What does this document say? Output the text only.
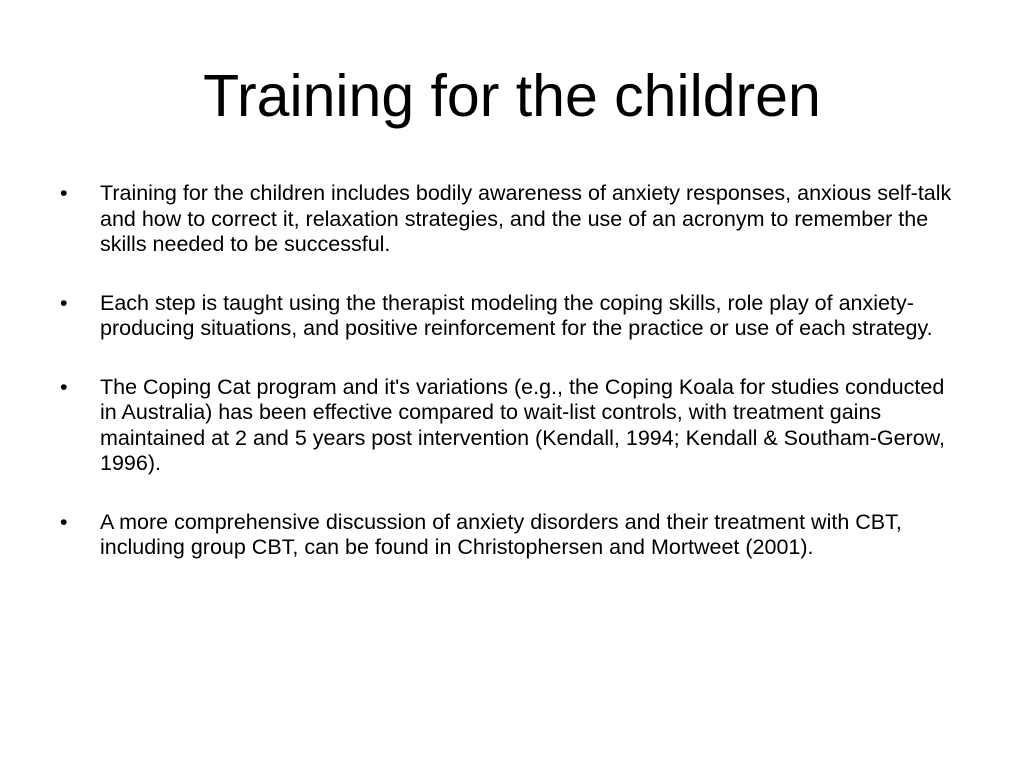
Training for the children
•	Training for the children includes bodily awareness of anxiety responses, anxious self-talk and how to correct it, relaxation strategies, and the use of an acronym to remember the skills needed to be successful.
•	Each step is taught using the therapist modeling the coping skills, role play of anxiety-producing situations, and positive reinforcement for the practice or use of each strategy.
•	The Coping Cat program and it's variations (e.g., the Coping Koala for studies conducted in Australia) has been effective compared to wait-list controls, with treatment gains maintained at 2 and 5 years post intervention (Kendall, 1994; Kendall & Southam-Gerow, 1996).
•	A more comprehensive discussion of anxiety disorders and their treatment with CBT, including group CBT, can be found in Christophersen and Mortweet (2001).
